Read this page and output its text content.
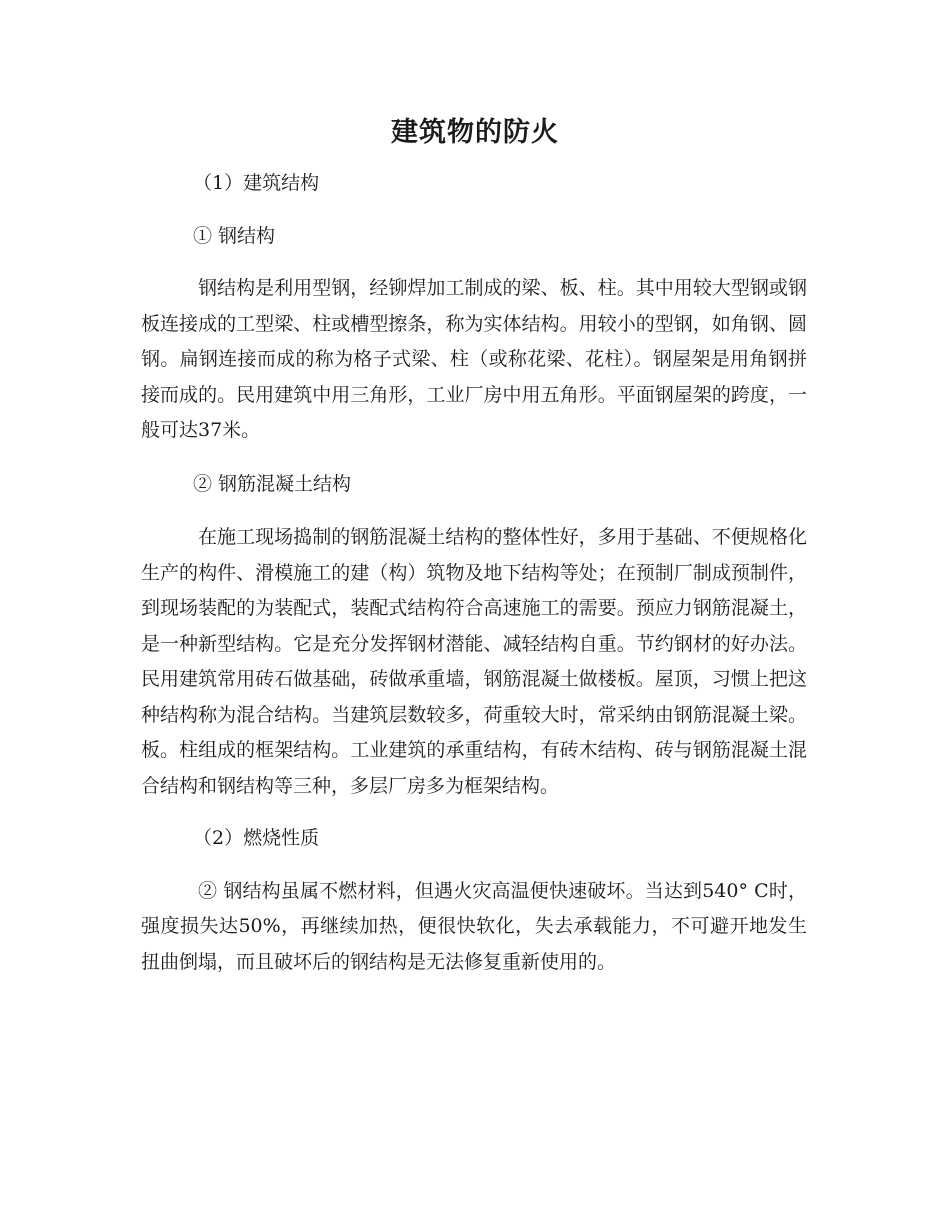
建筑物的防火

（1）建筑结构

① 钢结构

钢结构是利用型钢，经铆焊加工制成的梁、板、柱。其中用较大型钢或钢板连接成的工型梁、柱或槽型擦条，称为实体结构。用较小的型钢，如角钢、圆钢。扁钢连接而成的称为格子式梁、柱（或称花梁、花柱）。钢屋架是用角钢拼接而成的。民用建筑中用三角形，工业厂房中用五角形。平面钢屋架的跨度，一般可达37米。

② 钢筋混凝土结构

在施工现场捣制的钢筋混凝土结构的整体性好，多用于基础、不便规格化生产的构件、滑模施工的建（构）筑物及地下结构等处；在预制厂制成预制件，到现场装配的为装配式，装配式结构符合高速施工的需要。预应力钢筋混凝土，是一种新型结构。它是充分发挥钢材潜能、减轻结构自重。节约钢材的好办法。民用建筑常用砖石做基础，砖做承重墙，钢筋混凝土做楼板。屋顶，习惯上把这种结构称为混合结构。当建筑层数较多，荷重较大时，常采纳由钢筋混凝土梁。板。柱组成的框架结构。工业建筑的承重结构，有砖木结构、砖与钢筋混凝土混合结构和钢结构等三种，多层厂房多为框架结构。

（2）燃烧性质

② 钢结构虽属不燃材料，但遇火灾高温便快速破坏。当达到540° C时，强度损失达50%，再继续加热，便很快软化，失去承载能力，不可避开地发生扭曲倒塌，而且破坏后的钢结构是无法修复重新使用的。
